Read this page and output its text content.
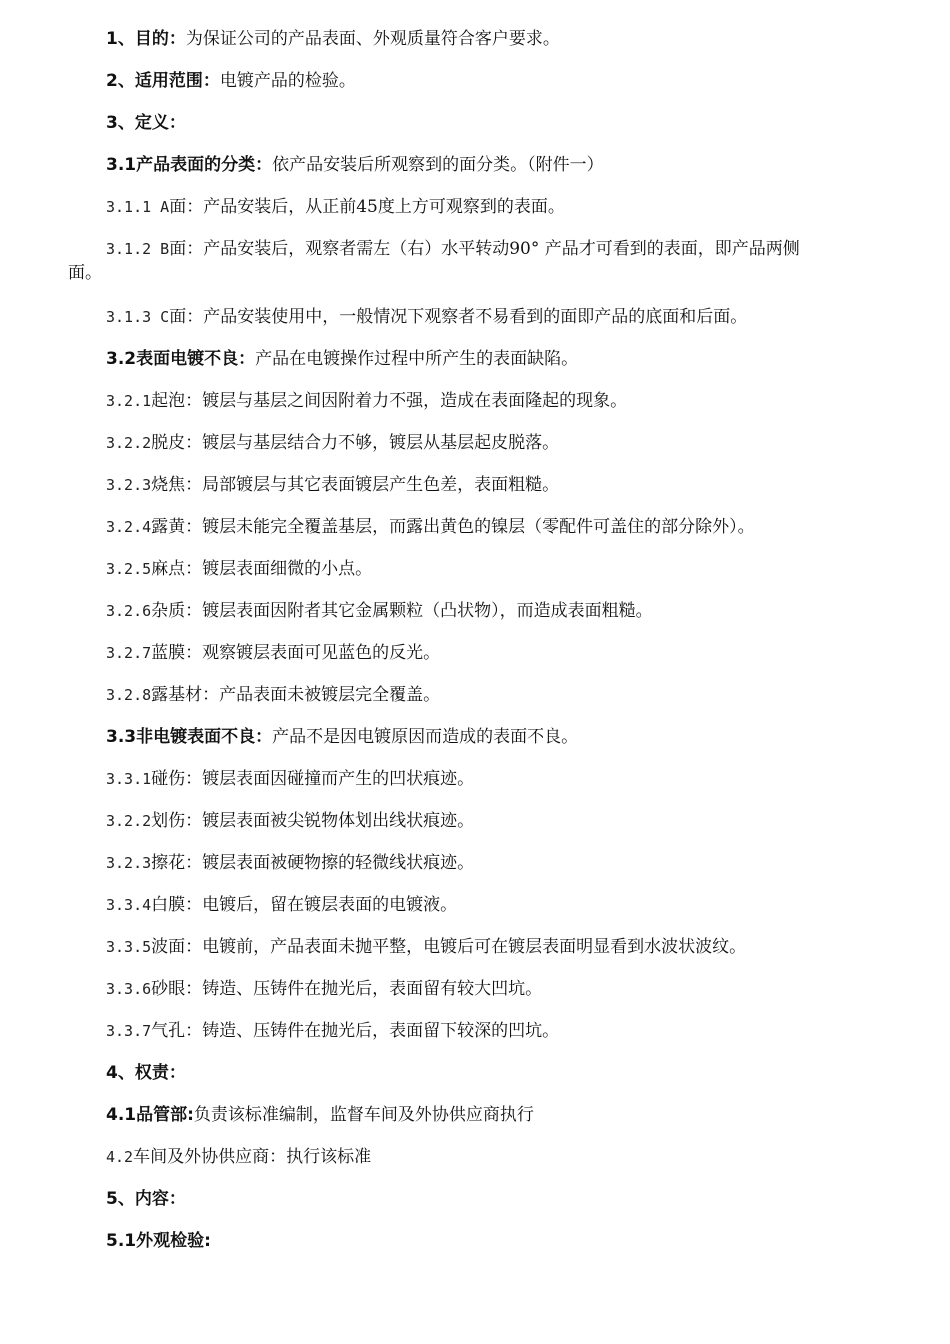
1、目的：为保证公司的产品表面、外观质量符合客户要求。
2、适用范围：电镀产品的检验。
3、定义：
3.1产品表面的分类：依产品安装后所观察到的面分类。（附件一）
3.1.1 A面：产品安装后，从正前45度上方可观察到的表面。
3.1.2 B面：产品安装后，观察者需左（右）水平转动90° 产品才可看到的表面，即产品两侧
面。
3.1.3 C面：产品安装使用中，一般情况下观察者不易看到的面即产品的底面和后面。
3.2表面电镀不良：产品在电镀操作过程中所产生的表面缺陷。
3.2.1起泡：镀层与基层之间因附着力不强，造成在表面隆起的现象。
3.2.2脱皮：镀层与基层结合力不够，镀层从基层起皮脱落。
3.2.3烧焦：局部镀层与其它表面镀层产生色差，表面粗糙。
3.2.4露黄：镀层未能完全覆盖基层，而露出黄色的镍层（零配件可盖住的部分除外）。
3.2.5麻点：镀层表面细微的小点。
3.2.6杂质：镀层表面因附者其它金属颗粒（凸状物），而造成表面粗糙。
3.2.7蓝膜：观察镀层表面可见蓝色的反光。
3.2.8露基材：产品表面未被镀层完全覆盖。
3.3非电镀表面不良：产品不是因电镀原因而造成的表面不良。
3.3.1碰伤：镀层表面因碰撞而产生的凹状痕迹。
3.2.2划伤：镀层表面被尖锐物体划出线状痕迹。
3.2.3擦花：镀层表面被硬物擦的轻微线状痕迹。
3.3.4白膜：电镀后，留在镀层表面的电镀液。
3.3.5波面：电镀前，产品表面未抛平整，电镀后可在镀层表面明显看到水波状波纹。
3.3.6砂眼：铸造、压铸件在抛光后，表面留有较大凹坑。
3.3.7气孔：铸造、压铸件在抛光后，表面留下较深的凹坑。
4、权责：
4.1品管部:负责该标准编制，监督车间及外协供应商执行
4.2车间及外协供应商：执行该标准
5、内容：
5.1外观检验:
